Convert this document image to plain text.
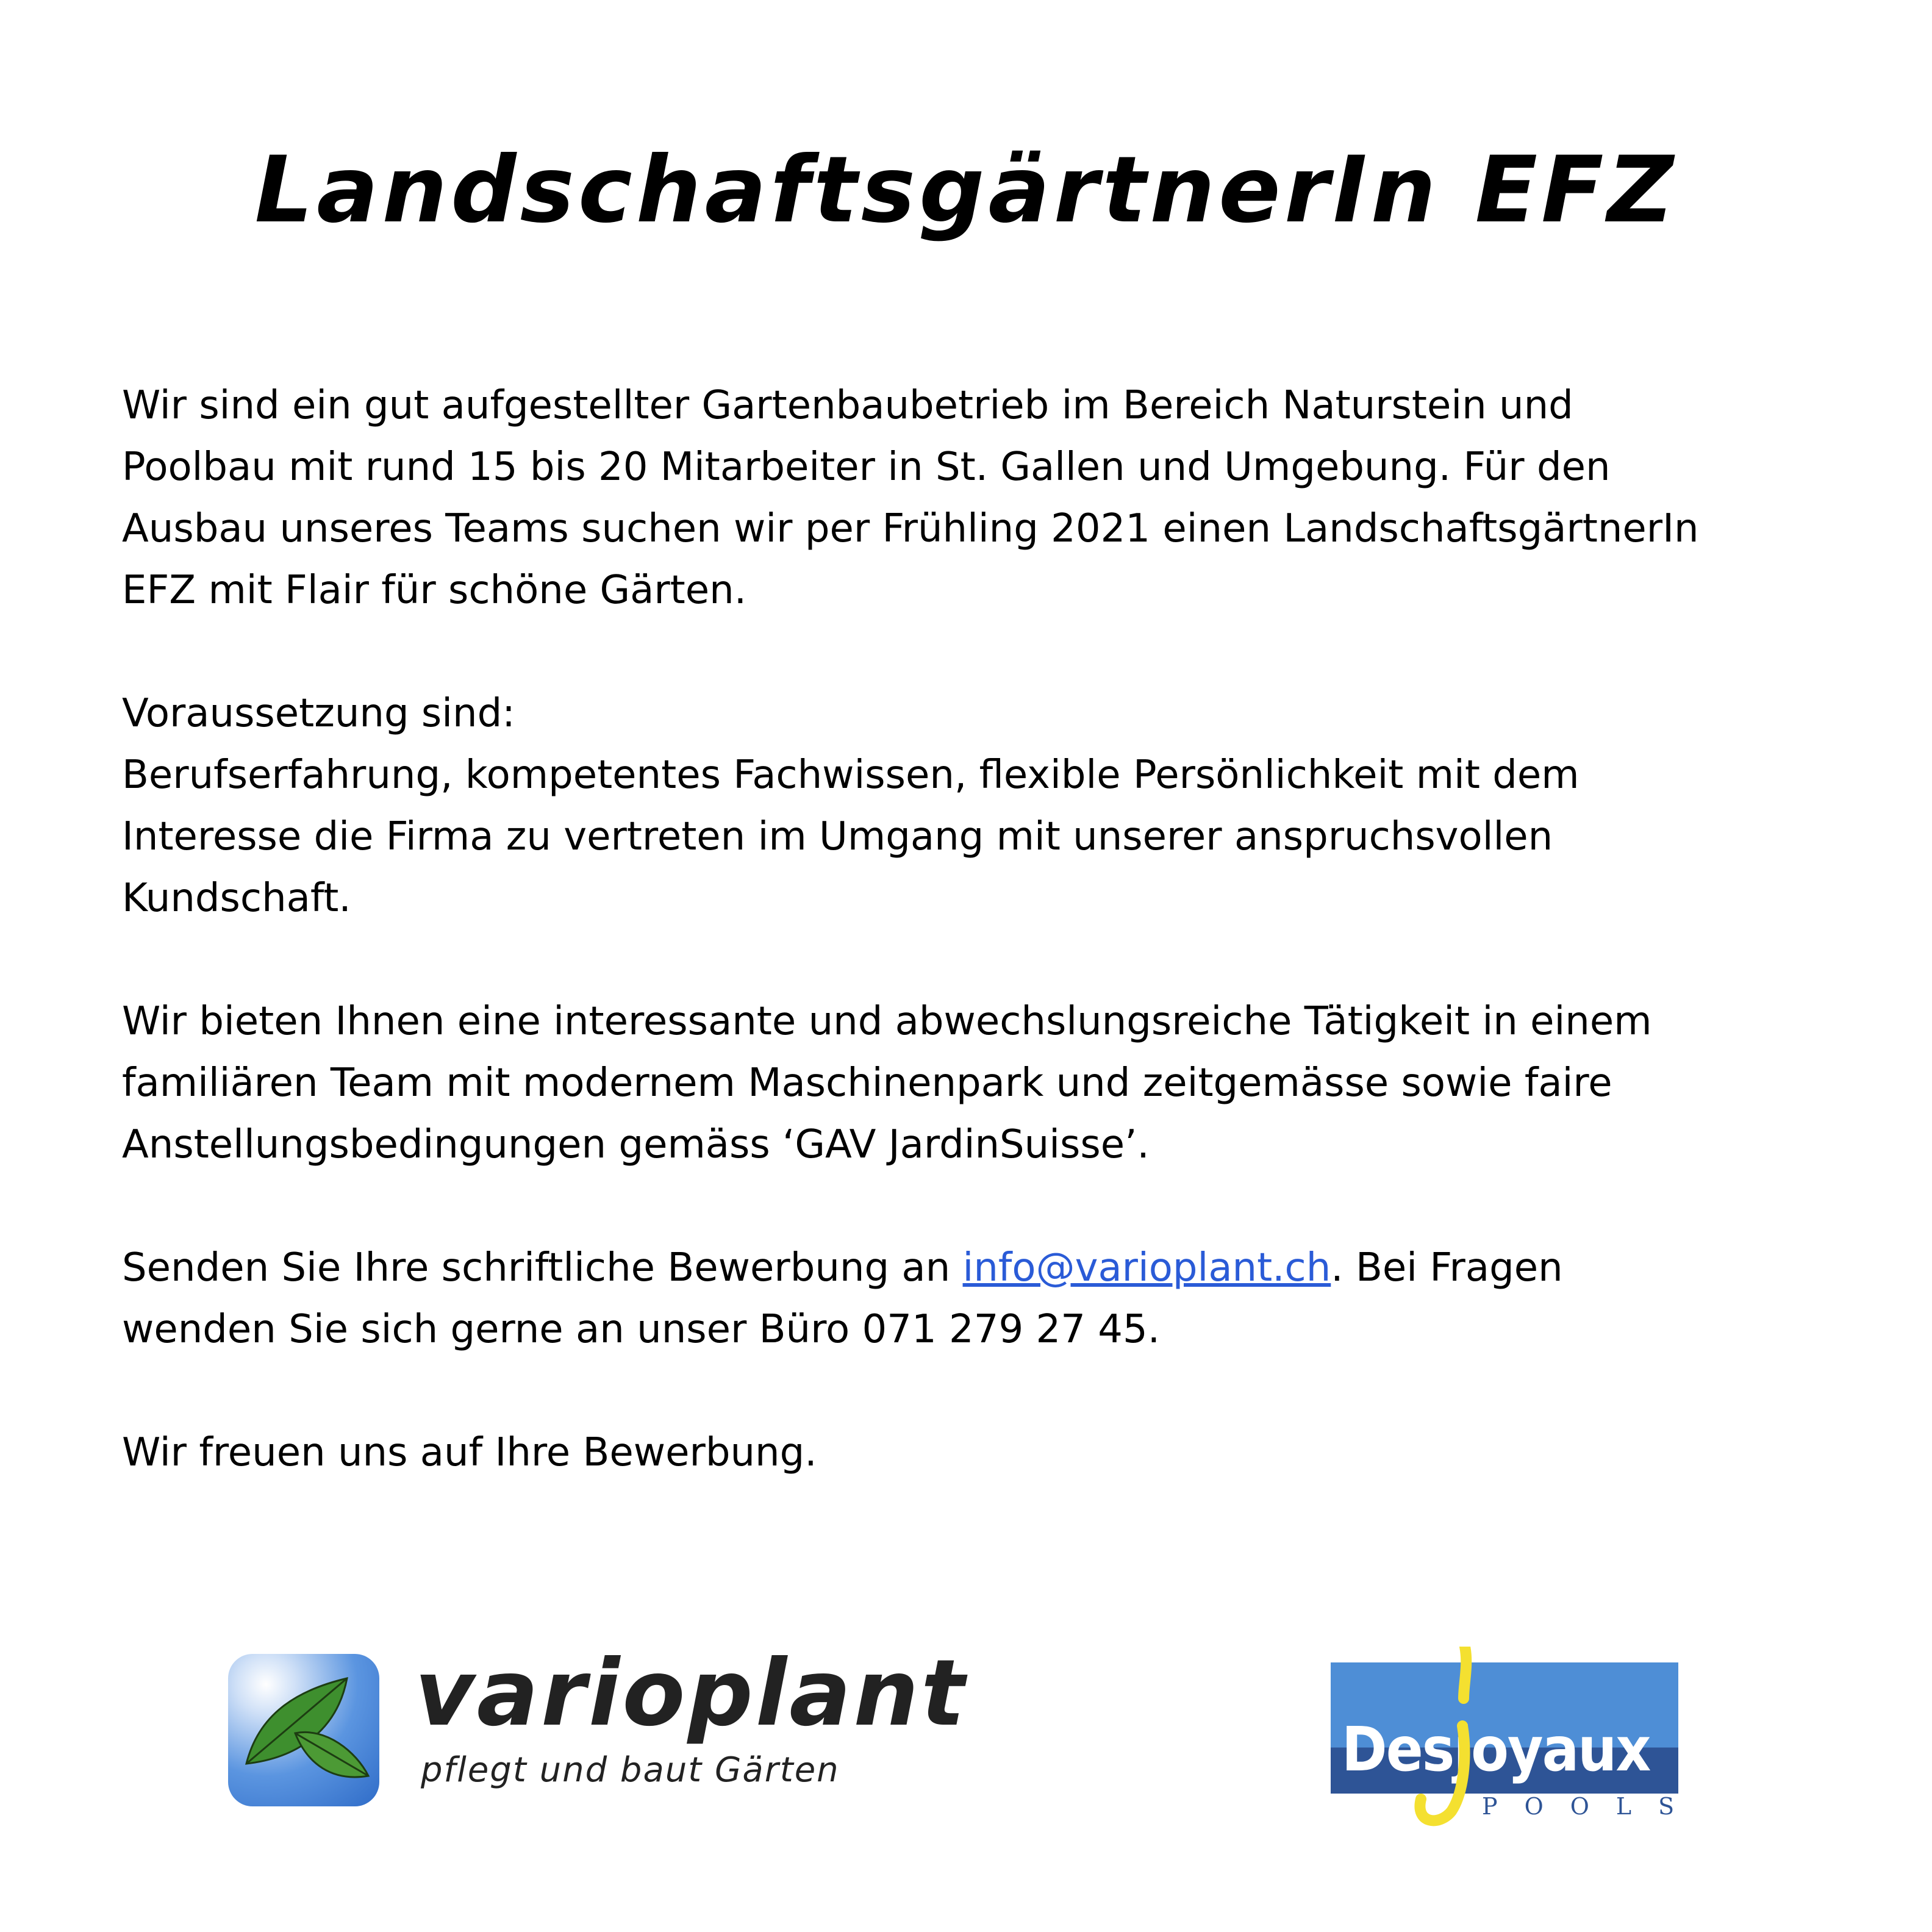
LandschaftsgärtnerIn EFZ
Wir sind ein gut aufgestellter Gartenbaubetrieb im Bereich Naturstein und
Poolbau mit rund 15 bis 20 Mitarbeiter in St. Gallen und Umgebung. Für den
Ausbau unseres Teams suchen wir per Frühling 2021 einen LandschaftsgärtnerIn
EFZ mit Flair für schöne Gärten.
Voraussetzung sind:
Berufserfahrung, kompetentes Fachwissen, flexible Persönlichkeit mit dem
Interesse die Firma zu vertreten im Umgang mit unserer anspruchsvollen
Kundschaft.
Wir bieten Ihnen eine interessante und abwechslungsreiche Tätigkeit in einem
familiären Team mit modernem Maschinenpark und zeitgemässe sowie faire
Anstellungsbedingungen gemäss ‘GAV JardinSuisse’.
Senden Sie Ihre schriftliche Bewerbung an info@varioplant.ch. Bei Fragen
wenden Sie sich gerne an unser Büro 071 279 27 45.
Wir freuen uns auf Ihre Bewerbung.
varioplant
pflegt und baut Gärten	Desjoyaux
POOLS
